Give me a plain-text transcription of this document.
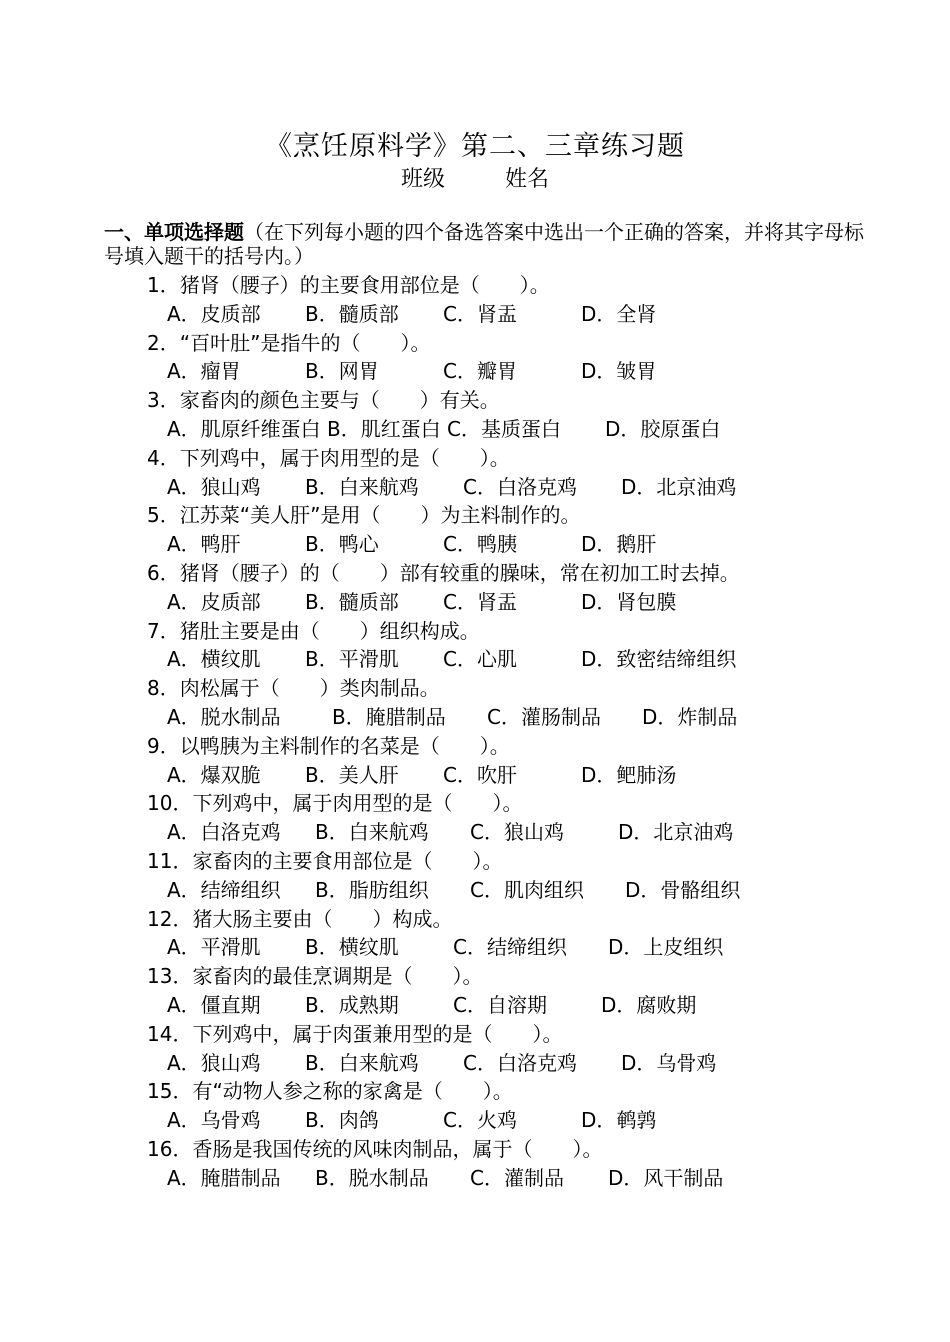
《烹饪原料学》第二、三章练习题
班级	姓名
一、单项选择题（在下列每小题的四个备选答案中选出一个正确的答案，并将其字母标号填入题干的括号内。）
1．猪肾（腰子）的主要食用部位是（　　）。
A．皮质部 B．髓质部 C．肾盂	D．全肾
2．“百叶肚”是指牛的（　　）。
A．瘤胃	B．网胃	C．瓣胃	D．皱胃
3．家畜肉的颜色主要与（　　）有关。
A．肌原纤维蛋白 B．肌红蛋白 C．基质蛋白 D．胶原蛋白
4．下列鸡中，属于肉用型的是（　　）。
A．狼山鸡 B．白来航鸡 C．白洛克鸡 D．北京油鸡
5．江苏菜“美人肝”是用（　　）为主料制作的。
A．鸭肝	B．鸭心	C．鸭胰	D．鹅肝
6．猪肾（腰子）的（　　）部有较重的臊味，常在初加工时去掉。
A．皮质部 B．髓质部 C．肾盂	D．肾包膜
7．猪肚主要是由（　　）组织构成。
A．横纹肌 B．平滑肌 C．心肌	D．致密结缔组织
8．肉松属于（　　）类肉制品。
A．脱水制品	B．腌腊制品 C．灌肠制品 D．炸制品
9．以鸭胰为主料制作的名菜是（　　）。
A．爆双脆 B．美人肝 C．吹肝	D．鲃肺汤
10．下列鸡中，属于肉用型的是（　　）。
A．白洛克鸡 B．白来航鸡 C．狼山鸡	D．北京油鸡
11．家畜肉的主要食用部位是（　　）。
A．结缔组织 B．脂肪组织 C．肌肉组织 D．骨骼组织
12．猪大肠主要由（　　）构成。
A．平滑肌 B．横纹肌	C．结缔组织 D．上皮组织
13．家畜肉的最佳烹调期是（　　）。
A．僵直期 B．成熟期	C．自溶期	D．腐败期
14．下列鸡中，属于肉蛋兼用型的是（　　）。
A．狼山鸡 B．白来航鸡 C．白洛克鸡 D．乌骨鸡
15．有“动物人参之称的家禽是（　　）。
A．乌骨鸡 B．肉鸽	C．火鸡	D．鹌鹑
16．香肠是我国传统的风味肉制品，属于（　　）。
A．腌腊制品 B．脱水制品 C．灌制品 D．风干制品
